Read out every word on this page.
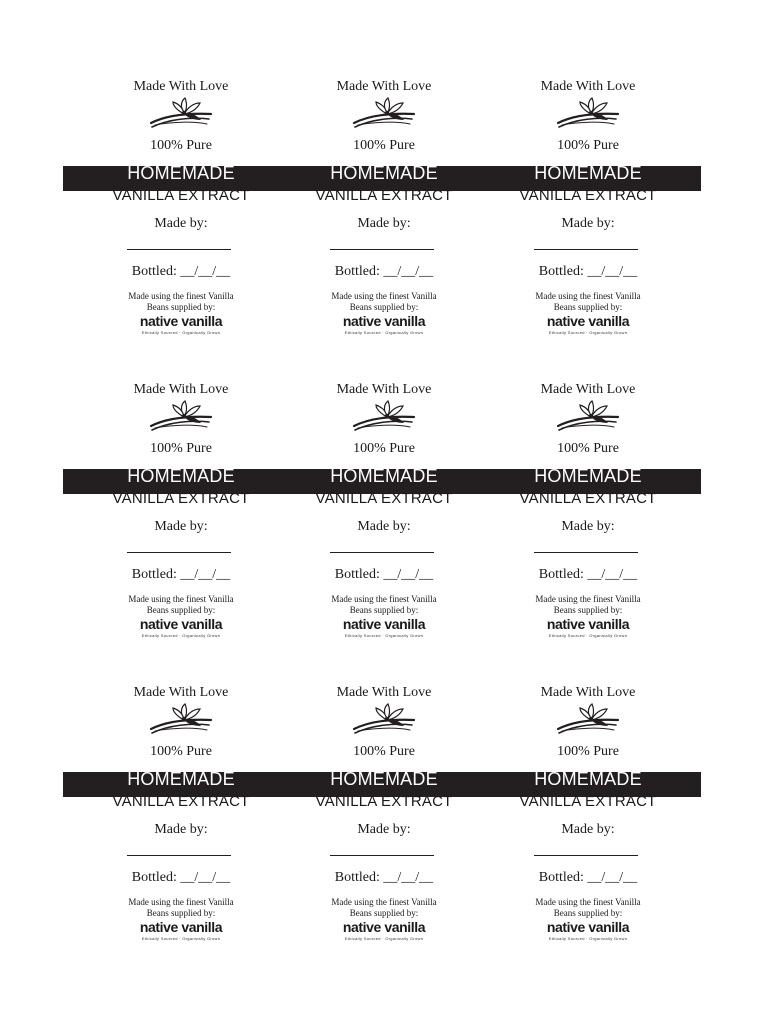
Made With Love
100% Pure
HOMEMADE
VANILLA EXTRACT
Made by:
Bottled: __/__/__
Made using the finest Vanilla
Beans supplied by:
native vanilla
Ethically Sourced · Organically Grown
Made With Love
100% Pure
HOMEMADE
VANILLA EXTRACT
Made by:
Bottled: __/__/__
Made using the finest Vanilla
Beans supplied by:
native vanilla
Ethically Sourced · Organically Grown
Made With Love
100% Pure
HOMEMADE
VANILLA EXTRACT
Made by:
Bottled: __/__/__
Made using the finest Vanilla
Beans supplied by:
native vanilla
Ethically Sourced · Organically Grown
Made With Love
100% Pure
HOMEMADE
VANILLA EXTRACT
Made by:
Bottled: __/__/__
Made using the finest Vanilla
Beans supplied by:
native vanilla
Ethically Sourced · Organically Grown
Made With Love
100% Pure
HOMEMADE
VANILLA EXTRACT
Made by:
Bottled: __/__/__
Made using the finest Vanilla
Beans supplied by:
native vanilla
Ethically Sourced · Organically Grown
Made With Love
100% Pure
HOMEMADE
VANILLA EXTRACT
Made by:
Bottled: __/__/__
Made using the finest Vanilla
Beans supplied by:
native vanilla
Ethically Sourced · Organically Grown
Made With Love
100% Pure
HOMEMADE
VANILLA EXTRACT
Made by:
Bottled: __/__/__
Made using the finest Vanilla
Beans supplied by:
native vanilla
Ethically Sourced · Organically Grown
Made With Love
100% Pure
HOMEMADE
VANILLA EXTRACT
Made by:
Bottled: __/__/__
Made using the finest Vanilla
Beans supplied by:
native vanilla
Ethically Sourced · Organically Grown
Made With Love
100% Pure
HOMEMADE
VANILLA EXTRACT
Made by:
Bottled: __/__/__
Made using the finest Vanilla
Beans supplied by:
native vanilla
Ethically Sourced · Organically Grown
